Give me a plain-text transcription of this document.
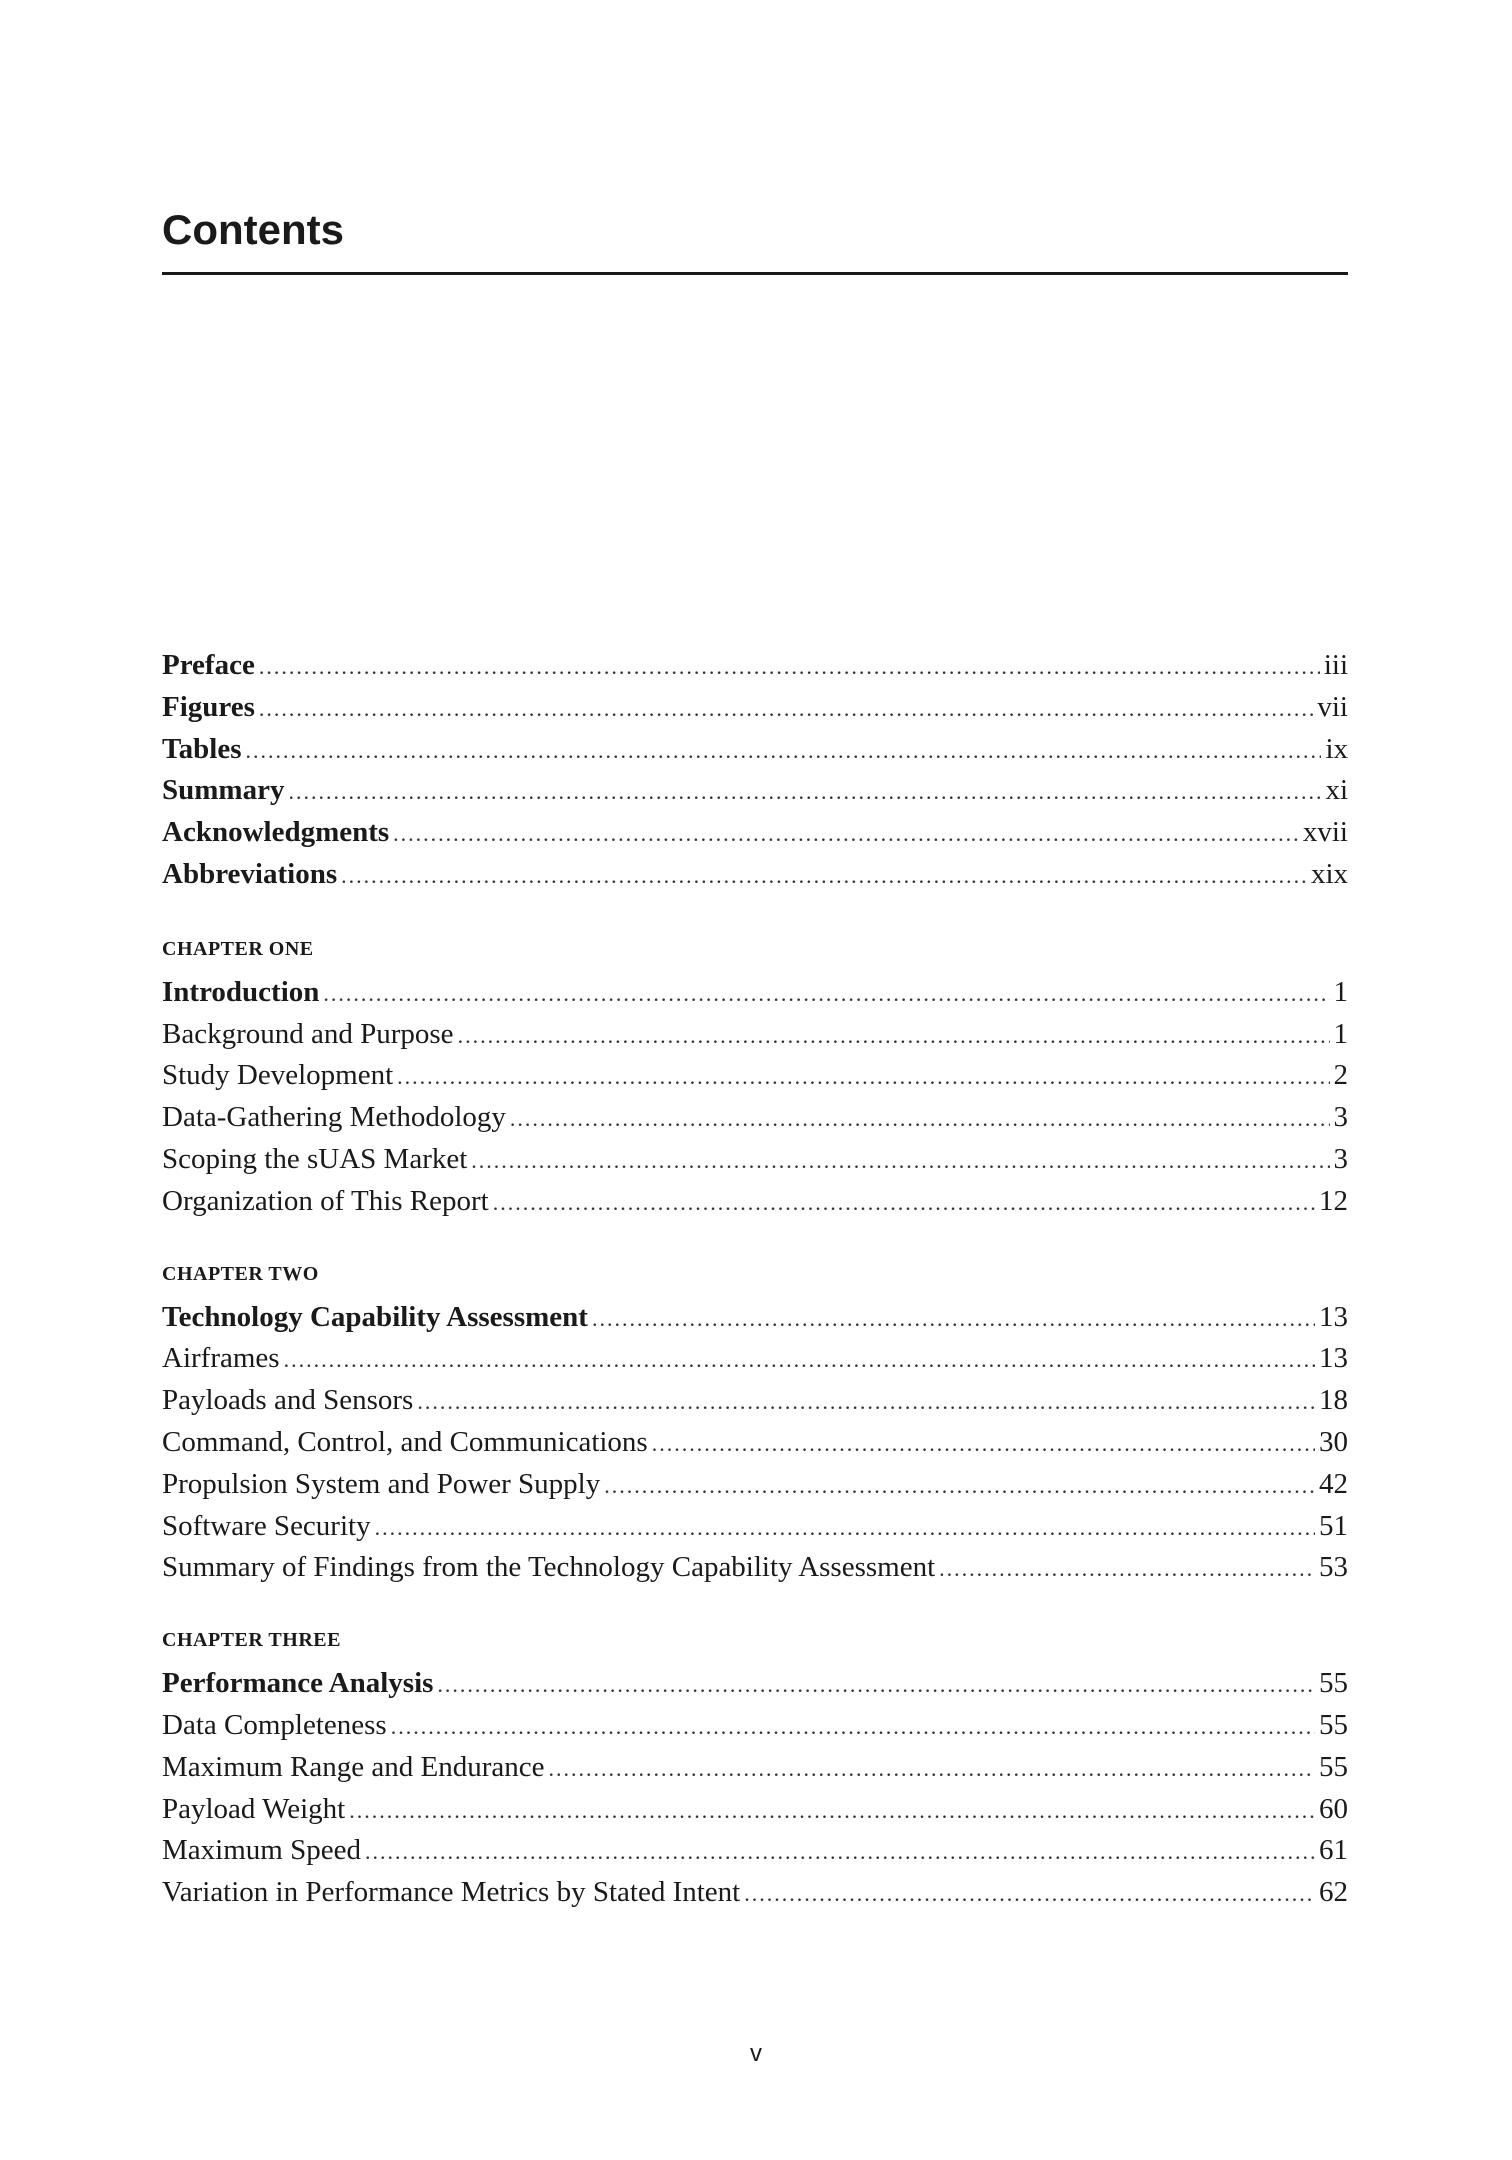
Contents
Preface .....	iii
Figures .....	vii
Tables .....	ix
Summary .....	xi
Acknowledgments .....	xvii
Abbreviations .....	xix
CHAPTER ONE
Introduction .....	1
Background and Purpose .....	1
Study Development .....	2
Data-Gathering Methodology .....	3
Scoping the sUAS Market .....	3
Organization of This Report .....	12
CHAPTER TWO
Technology Capability Assessment .....	13
Airframes .....	13
Payloads and Sensors .....	18
Command, Control, and Communications .....	30
Propulsion System and Power Supply .....	42
Software Security .....	51
Summary of Findings from the Technology Capability Assessment .....	53
CHAPTER THREE
Performance Analysis .....	55
Data Completeness .....	55
Maximum Range and Endurance .....	55
Payload Weight .....	60
Maximum Speed .....	61
Variation in Performance Metrics by Stated Intent .....	62
v
